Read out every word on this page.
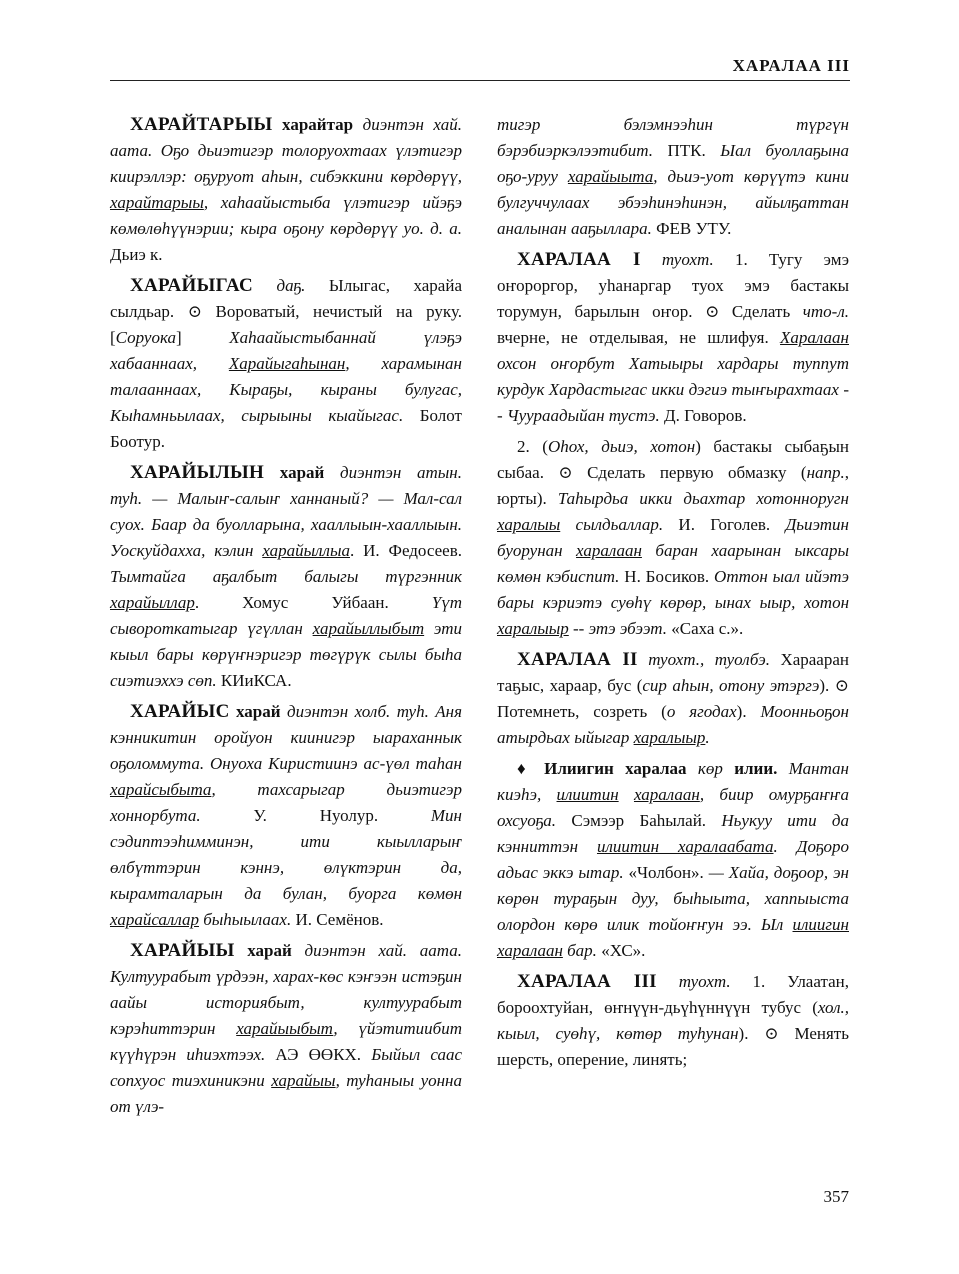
ХАРАЛАА III

ХАРАЙТАРЫЫ харайтар диэнтэн хай. аата. Оҕо дьиэтигэр толоруохтаах үлэтигэр киирэллэр: оҕуруот аһын, сибэккини көрдөрүү, харайтарыы, хаһаайыстыба үлэтигэр ийэҕэ көмөлөһүүнэрии; кыра оҕону көрдөрүү уо. д. а. Дьиэ к.

ХАРАЙЫГАС даҕ. Ылыгас, харайа сылдьар. ⊙ Вороватый, нечистый на руку. [Соруока] Хаһаайыстыбаннай үлэҕэ хабааннаах, Харайыгаһынан, харамынан талааннаах, Кыраҕы, кыраны булугас, Кыһамньылаах, сырыыны кыайыгас. Болот Боотур.

ХАРАЙЫЛЫН харай диэнтэн атын. туһ. — Малыҥ-салыҥ ханнаный? — Мал-сал суох. Баар да буолларына, хааллыын-хааллыын. Уоскуйдахха, кэлин харайыллыа. И. Федосеев. Тымтайга аҕалбыт балыгы түргэнник харайыллар. Хомус Уйбаан. Үүт сывороткатыгар үгүллан харайыллыбыт эти кыыл бары көрүҥнэригэр төгүрүк сылы быһа сиэтиэххэ сөп. КИиКСА.

ХАРАЙЫС харай диэнтэн холб. туһ. Аня кэнникитин оройуон киинигэр ыараханнык оҕоломмута. Онуоха Киристиинэ ас-үөл таһан харайсыбыта, тахсарыгар дьиэтигэр хоннорбута. У. Нуолур. Мин сэдиптээһимминэн, ити кыылларыҥ өлбүттэрин кэннэ, өлүктэрин да, кырамталарын да булан, буорга көмөн харайсаллар быһыылаах. И. Семёнов.

ХАРАЙЫЫ харай диэнтэн хай. аата. Култуурабыт үрдээн, харах-көс кэҥээн истэҕин аайы историябыт, култуурабыт кэрэһиттэрин харайыыбыт, үйэтитиибит күүһүрэн иһиэхтээх. АЭ ӨӨКХ. Быйыл саас сопхуос тиэхиникэни харайыы, туһаныы уонна от үлэ-

тигэр бэлэмнээһин түргүн бэрэбиэркэлээтибит. ПТК. Ыал буоллаҕына оҕо-уруу харайыыта, дьиэ-уот көрүүтэ кини булгуччулаах эбээһинэһинэн, айылҕаттан аналынан ааҕыллара. ФЕВ УТУ.

ХАРАЛАА I туохт. 1. Тугу эмэ оҥороргор, уһанаргар туох эмэ бастакы торумун, барылын оҥор. ⊙ Сделать что-л. вчерне, не отделывая, не шлифуя. Хаpалаан охсон оҥорбут Хатыыры хардары туппут курдук Хардастыгас икки дэгиэ тыҥырахтаах -- Чуураадыйан тустэ. Д. Говоров.

2. (Оһох, дьиэ, хотон) бастакы сыбаҕын сыбаа. ⊙ Сделать первую обмазку (напр., юрты). Таһырдьа икки дьахтар хотонноругн харалыы сылдьаллар. И. Гоголев. Дьиэтин буорунан хаpалаан баран хаарынан ыксары көмөн кэбиспит. Н. Босиков. Оттон ыал ийэтэ бары кэриэтэ суөһү көрөр, ынах ыыр, хотон харалыыр -- этэ эбээт. «Саха с.».

ХАРАЛАА II туохт., туолбэ. Хаpааран таҕыс, хараар, бус (сир аһын, отону этэргэ). ⊙ Потемнеть, созреть (о ягодах). Моонньоҕон атырдьах ыйыгар харалыыр.

♦ Илиигин харалаа көр илии. Мантан киэһэ, илиитин хаpалаан, биир омурҕаҥҥа охсуоҕа. Сэмээр Баһылай. Ньукуу ити да кэнниттэн илиитин харалаабата. Доҕоро адьас эккэ ытар. «Чолбон». — Хайа, доҕоор, эн көрөн тураҕын дуу, быһыыта, хаппыыста олордон көрө илик тойоҥҥун ээ. Ыл илиигин харалаан бар. «ХС».

ХАРАЛАА III туохт. 1. Улаатан, бороохтуйан, өҥнүүн-дьүһүннүүн тубус (хол., кыыл, суөһү, көтөр туһунан). ⊙ Менять шерсть, оперение, линять;

357
